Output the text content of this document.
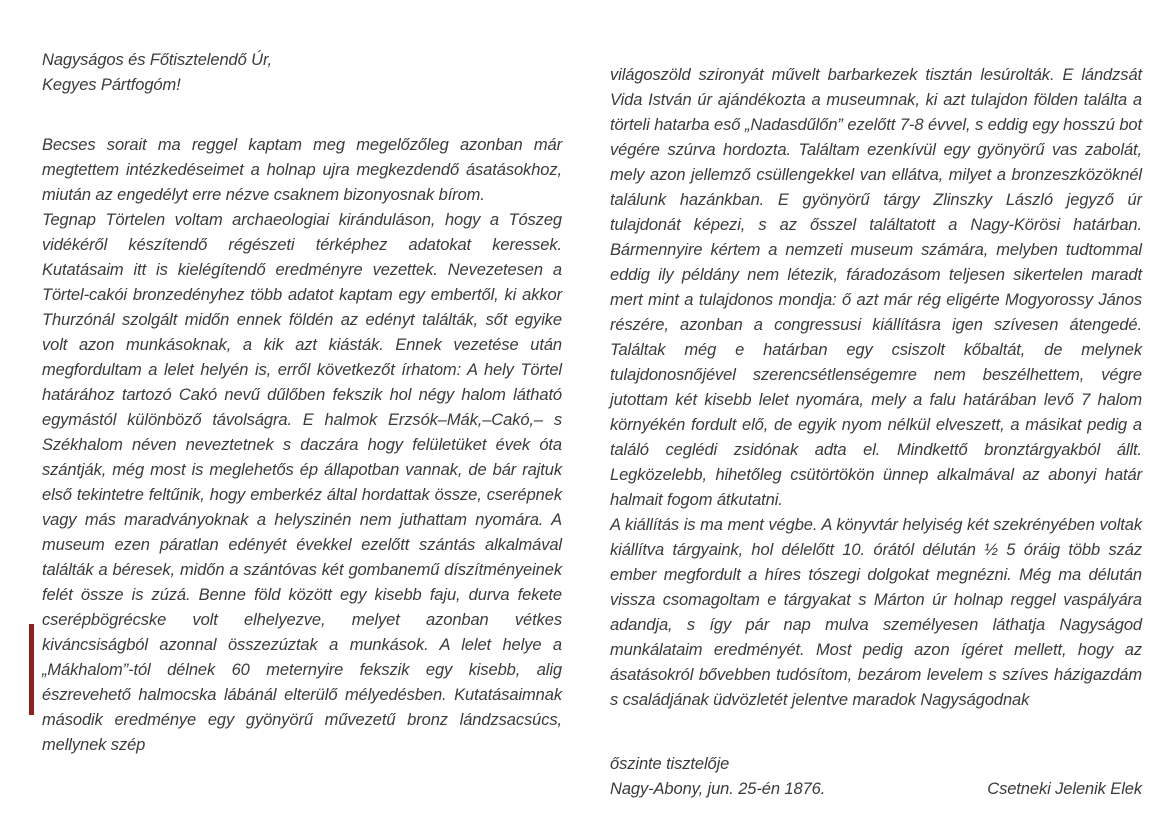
Nagyságos és Főtisztelendő Úr,
Kegyes Pártfogóm!

Becses sorait ma reggel kaptam meg megelőzőleg azonban már megtettem intézkedéseimet a holnap ujra megkezdendő ásatásokhoz, miután az engedélyt erre nézve csaknem bizonyosnak bírom.

Tegnap Törtelen voltam archaeologiai kiránduláson, hogy a Tószeg vidékéről készítendő régészeti térképhez adatokat keressek. Kutatásaim itt is kielégítendő eredményre vezettek. Nevezetesen a Törtel-cakói bronzedényhez több adatot kaptam egy embertől, ki akkor Thurzónál szolgált midőn ennek földén az edényt találták, sőt egyike volt azon munkásoknak, a kik azt kiásták. Ennek vezetése után megfordultam a lelet helyén is, erről következőt írhatom: A hely Törtel határához tartozó Cakó nevű dűlőben fekszik hol négy halom látható egymástól különböző távolságra. E halmok Erzsók–Mák,–Cakó,– s Székhalom néven neveztetnek s daczára hogy felületüket évek óta szántják, még most is meglehetős ép állapotban vannak, de bár rajtuk első tekintetre feltűnik, hogy emberkéz által hordattak össze, cserépnek vagy más maradványoknak a helyszinén nem juthattam nyomára. A museum ezen páratlan edényét évekkel ezelőtt szántás alkalmával találták a béresek, midőn a szántóvas két gombanemű díszítményeinek felét össze is zúzá. Benne föld között egy kisebb faju, durva fekete cserépbögrécske volt elhelyezve, melyet azonban vétkes kiváncsiságból azonnal összezúztak a munkások. A lelet helye a „Mákhalom”-tól délnek 60 meternyire fekszik egy kisebb, alig észrevehető halmocska lábánál elterülő mélyedésben. Kutatásaimnak második eredménye egy gyönyörű művezetű bronz lándzsacsúcs, mellynek szép

világoszöld szironyát művelt barbarkezek tisztán lesúrolták. E lándzsát Vida István úr ajándékozta a museumnak, ki azt tulajdon földen találta a törteli hatarba eső „Nadasdűlőn” ezelőtt 7-8 évvel, s eddig egy hosszú bot végére szúrva hordozta. Találtam ezenkívül egy gyönyörű vas zabolát, mely azon jellemző csüllengekkel van ellátva, milyet a bronzeszközöknél találunk hazánkban. E gyönyörű tárgy Zlinszky László jegyző úr tulajdonát képezi, s az ősszel találtatott a Nagy-Körösi határban. Bármennyire kértem a nemzeti museum számára, melyben tudtommal eddig ily példány nem létezik, fáradozásom teljesen sikertelen maradt mert mint a tulajdonos mondja: ő azt már rég eligérte Mogyorossy János részére, azonban a congressusi kiállításra igen szívesen átengedé. Találtak még e határban egy csiszolt kőbaltát, de melynek tulajdonosnőjével szerencsétlenségemre nem beszélhettem, végre jutottam két kisebb lelet nyomára, mely a falu határában levő 7 halom környékén fordult elő, de egyik nyom nélkül elveszett, a másikat pedig a találó ceglédi zsidónak adta el. Mindkettő bronztárgyakból állt. Legközelebb, hihetőleg csütörtökön ünnep alkalmával az abonyi határ halmait fogom átkutatni.

A kiállítás is ma ment végbe. A könyvtár helyiség két szekrényében voltak kiállítva tárgyaink, hol délelőtt 10. órától délután ½ 5 óráig több száz ember megfordult a híres tószegi dolgokat megnézni. Még ma délután vissza csomagoltam e tárgyakat s Márton úr holnap reggel vaspályára adandja, s így pár nap mulva személyesen láthatja Nagyságod munkálataim eredményét. Most pedig azon ígéret mellett, hogy az ásatásokról bővebben tudósítom, bezárom levelem s szíves házigazdám s családjának üdvözletét jelentve maradok Nagyságodnak

őszinte tisztelője
Nagy-Abony, jun. 25-én 1876.	Csetneki Jelenik Elek
